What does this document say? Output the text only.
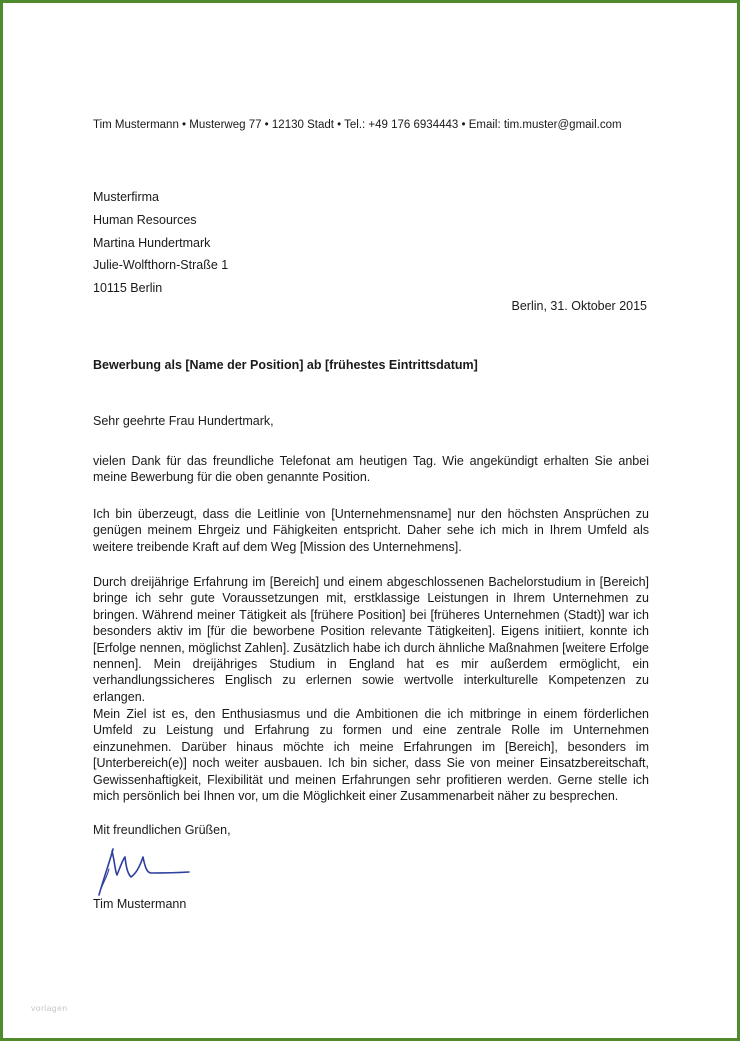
Tim Mustermann • Musterweg 77 • 12130 Stadt • Tel.: +49 176 6934443 • Email: tim.muster@gmail.com
Musterfirma
Human Resources
Martina Hundertmark
Julie-Wolfthorn-Straße 1
10115 Berlin
Berlin, 31. Oktober 2015
Bewerbung als [Name der Position] ab [frühestes Eintrittsdatum]
Sehr geehrte Frau Hundertmark,
vielen Dank für das freundliche Telefonat am heutigen Tag. Wie angekündigt erhalten Sie anbei meine Bewerbung für die oben genannte Position.
Ich bin überzeugt, dass die Leitlinie von [Unternehmensname] nur den höchsten Ansprüchen zu genügen meinem Ehrgeiz und Fähigkeiten entspricht. Daher sehe ich mich in Ihrem Umfeld als weitere treibende Kraft auf dem Weg [Mission des Unternehmens].
Durch dreijährige Erfahrung im [Bereich] und einem abgeschlossenen Bachelorstudium in [Bereich] bringe ich sehr gute Voraussetzungen mit, erstklassige Leistungen in Ihrem Unternehmen zu bringen. Während meiner Tätigkeit als [frühere Position] bei [früheres Unternehmen (Stadt)] war ich besonders aktiv im [für die beworbene Position relevante Tätigkeiten]. Eigens initiiert, konnte ich [Erfolge nennen, möglichst Zahlen]. Zusätzlich habe ich durch ähnliche Maßnahmen [weitere Erfolge nennen]. Mein dreijähriges Studium in England hat es mir außerdem ermöglicht, ein verhandlungssicheres Englisch zu erlernen sowie wertvolle interkulturelle Kompetenzen zu erlangen.
Mein Ziel ist es, den Enthusiasmus und die Ambitionen die ich mitbringe in einem förderlichen Umfeld zu Leistung und Erfahrung zu formen und eine zentrale Rolle im Unternehmen einzunehmen. Darüber hinaus möchte ich meine Erfahrungen im [Bereich], besonders im [Unterbereich(e)] noch weiter ausbauen. Ich bin sicher, dass Sie von meiner Einsatzbereitschaft, Gewissenhaftigkeit, Flexibilität und meinen Erfahrungen sehr profitieren werden. Gerne stelle ich mich persönlich bei Ihnen vor, um die Möglichkeit einer Zusammenarbeit näher zu besprechen.
Mit freundlichen Grüßen,
Tim Mustermann
vorlagen
